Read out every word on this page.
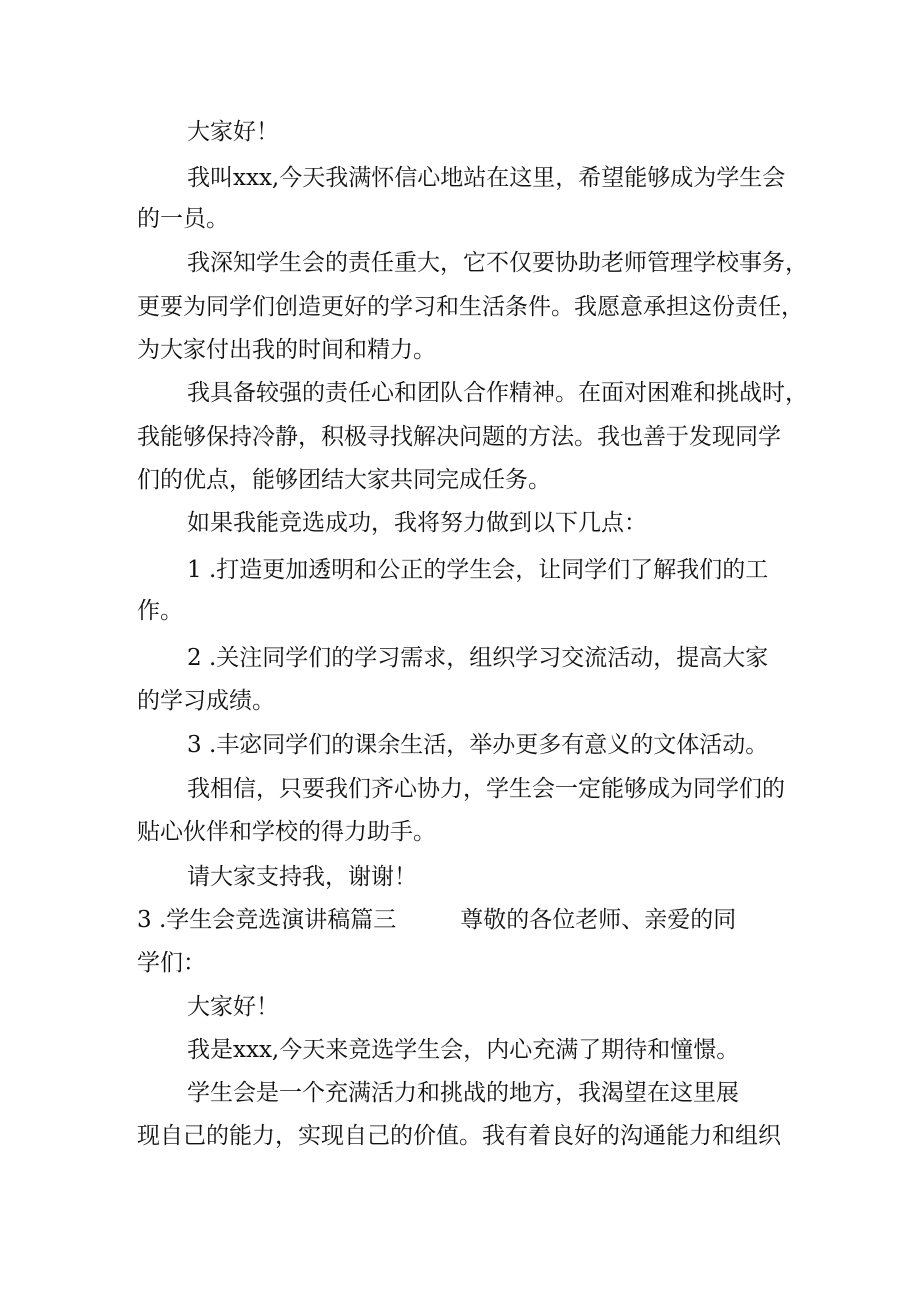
大家好！
我叫xxx,今天我满怀信心地站在这里，希望能够成为学生会
的一员。
我深知学生会的责任重大，它不仅要协助老师管理学校事务，
更要为同学们创造更好的学习和生活条件。我愿意承担这份责任，
为大家付出我的时间和精力。
我具备较强的责任心和团队合作精神。在面对困难和挑战时，
我能够保持冷静，积极寻找解决问题的方法。我也善于发现同学
们的优点，能够团结大家共同完成任务。
如果我能竞选成功，我将努力做到以下几点：
1 .打造更加透明和公正的学生会，让同学们了解我们的工
作。
2 .关注同学们的学习需求，组织学习交流活动，提高大家
的学习成绩。
3 .丰宓同学们的课余生活，举办更多有意义的文体活动。
我相信，只要我们齐心协力，学生会一定能够成为同学们的
贴心伙伴和学校的得力助手。
请大家支持我，谢谢！
3 .学生会竞选演讲稿篇三	尊敬的各位老师、亲爱的同
学们：
大家好！
我是xxx,今天来竞选学生会，内心充满了期待和憧憬。
学生会是一个充满活力和挑战的地方，我渴望在这里展
现自己的能力，实现自己的价值。我有着良好的沟通能力和组织
